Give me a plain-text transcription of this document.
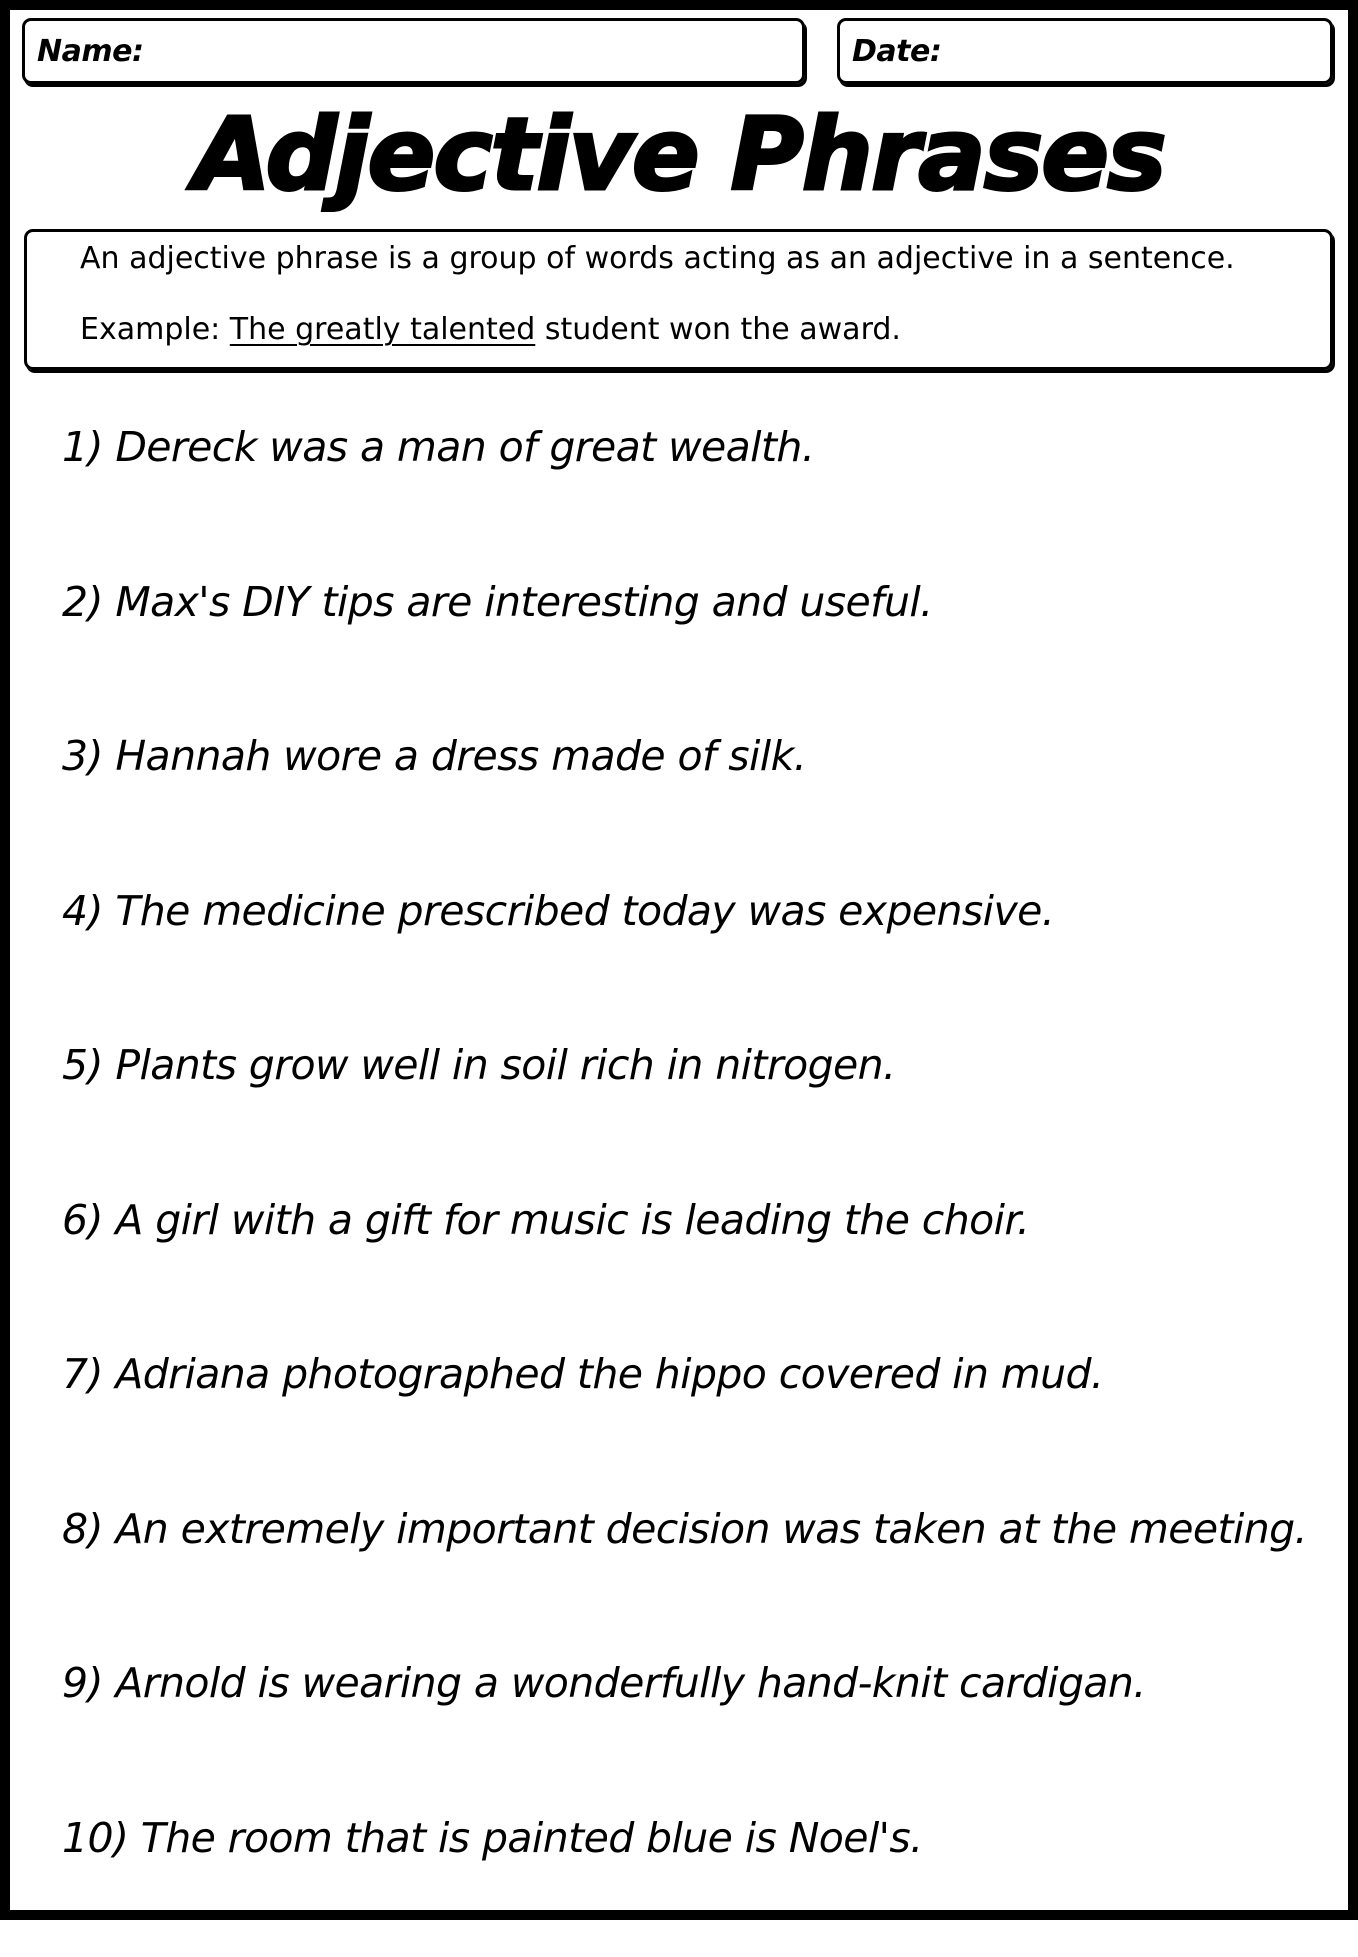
Name:	Date:
Adjective Phrases
An adjective phrase is a group of words acting as an adjective in a sentence.
Example: The greatly talented student won the award.
1) Dereck was a man of great wealth.
2) Max's DIY tips are interesting and useful.
3) Hannah wore a dress made of silk.
4) The medicine prescribed today was expensive.
5) Plants grow well in soil rich in nitrogen.
6) A girl with a gift for music is leading the choir.
7) Adriana photographed the hippo covered in mud.
8) An extremely important decision was taken at the meeting.
9) Arnold is wearing a wonderfully hand-knit cardigan.
10) The room that is painted blue is Noel's.
